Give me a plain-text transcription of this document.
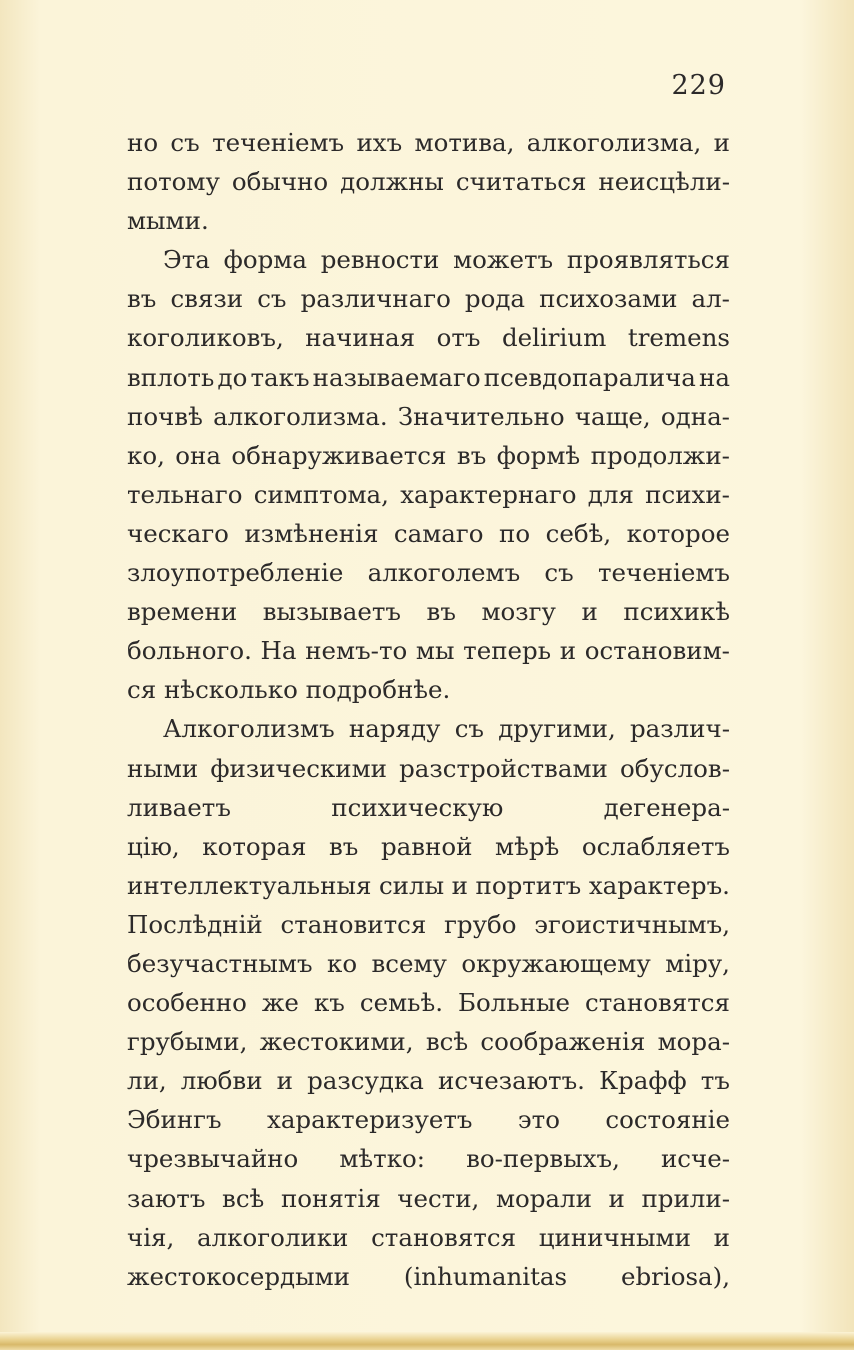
229
но съ теченіемъ ихъ мотива, алкоголизма, и
потому обычно должны считаться неисцѣли-
мыми.
Эта форма ревности можетъ проявляться
въ связи съ различнаго рода психозами ал-
коголиковъ, начиная отъ delirium tremens
вплоть до такъ называемаго псевдопаралича на
почвѣ алкоголизма. Значительно чаще, одна-
ко, она обнаруживается въ формѣ продолжи-
тельнаго симптома, характернаго для психи-
ческаго измѣненія самаго по себѣ, которое
злоупотребленіе алкоголемъ съ теченіемъ
времени вызываетъ въ мозгу и психикѣ
больного. На немъ-то мы теперь и остановим-
ся нѣсколько подробнѣе.
Алкоголизмъ наряду съ другими, различ-
ными физическими разстройствами обуслов-
ливаетъ	психическую	дегенера-
цію, которая въ равной мѣрѣ ослабляетъ
интеллектуальныя силы и портитъ характеръ.
Послѣдній становится грубо эгоистичнымъ,
безучастнымъ ко всему окружающему міру,
особенно же къ семьѣ. Больные становятся
грубыми, жестокими, всѣ соображенія мора-
ли, любви и разсудка исчезаютъ. Крафф тъ
Эбингъ характеризуетъ это состояніе
чрезвычайно мѣтко: во-первыхъ, исче-
заютъ всѣ понятія чести, морали и прили-
чія, алкоголики становятся циничными и
жестокосердыми (inhumanitas ebriosa),
